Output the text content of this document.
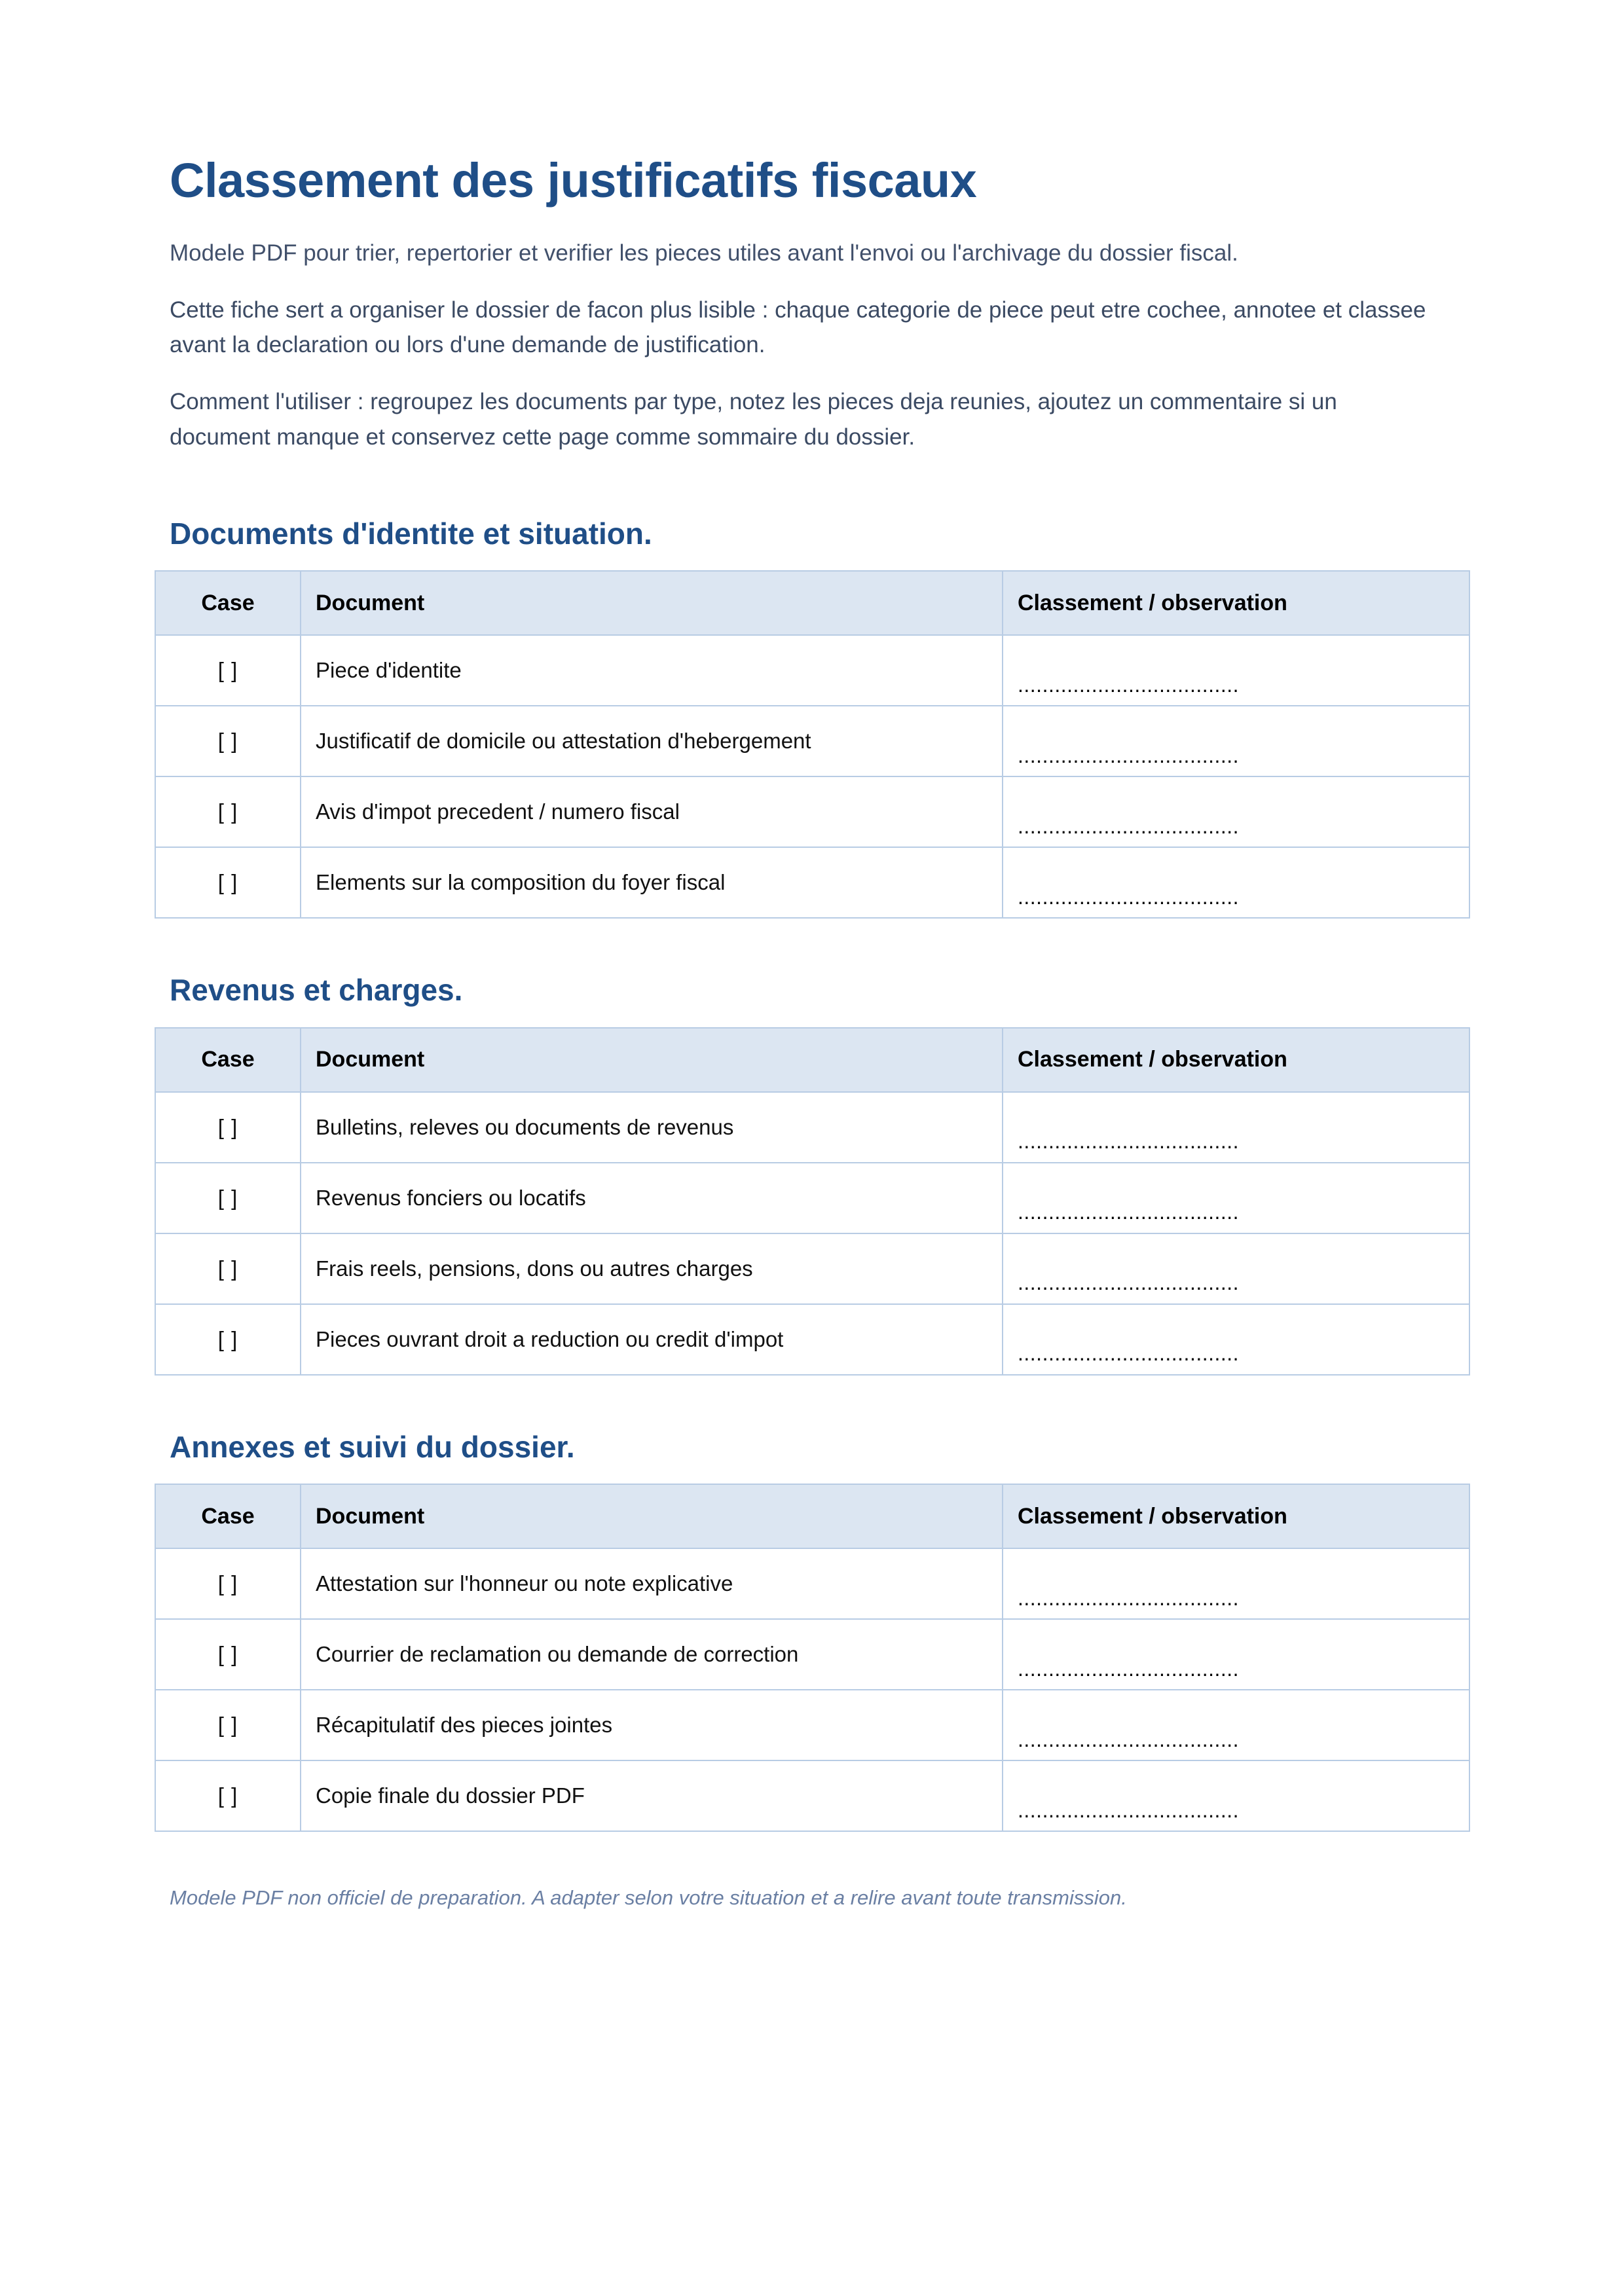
Classement des justificatifs fiscaux

Modele PDF pour trier, repertorier et verifier les pieces utiles avant l'envoi ou l'archivage du dossier fiscal.

Cette fiche sert a organiser le dossier de facon plus lisible : chaque categorie de piece peut etre cochee, annotee et classee avant la declaration ou lors d'une demande de justification.

Comment l'utiliser : regroupez les documents par type, notez les pieces deja reunies, ajoutez un commentaire si un document manque et conservez cette page comme sommaire du dossier.

Documents d'identite et situation.
Case	Document	Classement / observation
[ ]	Piece d'identite	....................................
[ ]	Justificatif de domicile ou attestation d'hebergement	....................................
[ ]	Avis d'impot precedent / numero fiscal	....................................
[ ]	Elements sur la composition du foyer fiscal	....................................
Revenus et charges.
Case	Document	Classement / observation
[ ]	Bulletins, releves ou documents de revenus	....................................
[ ]	Revenus fonciers ou locatifs	....................................
[ ]	Frais reels, pensions, dons ou autres charges	....................................
[ ]	Pieces ouvrant droit a reduction ou credit d'impot	....................................
Annexes et suivi du dossier.
Case	Document	Classement / observation
[ ]	Attestation sur l'honneur ou note explicative	....................................
[ ]	Courrier de reclamation ou demande de correction	....................................
[ ]	Récapitulatif des pieces jointes	....................................
[ ]	Copie finale du dossier PDF	....................................

Modele PDF non officiel de preparation. A adapter selon votre situation et a relire avant toute transmission.
